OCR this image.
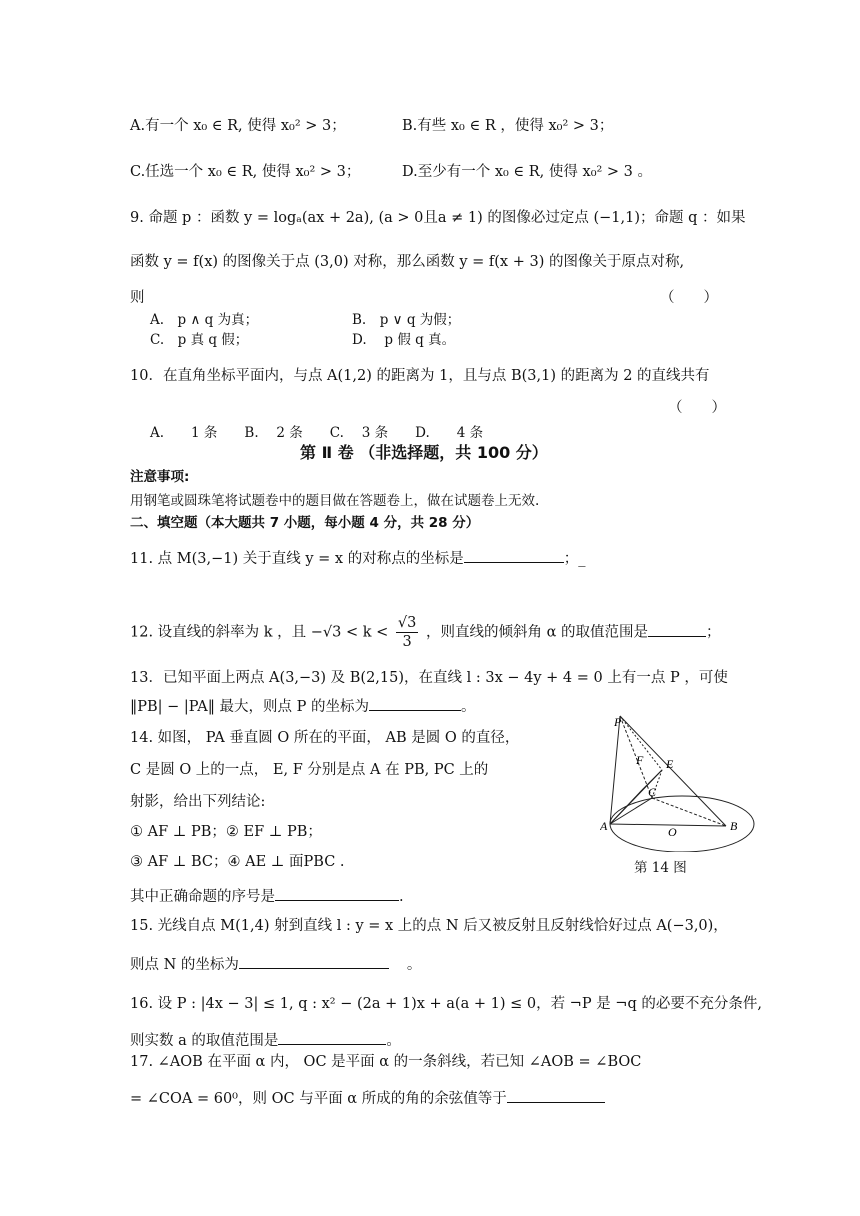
A.有一个 x₀ ∈ R, 使得 x₀² > 3；	B.有些 x₀ ∈ R ，使得 x₀² > 3；
C.任选一个 x₀ ∈ R, 使得 x₀² > 3；	D.至少有一个 x₀ ∈ R, 使得 x₀² > 3 。
9. 命题 p ：函数 y = logₐ(ax + 2a), (a > 0且a ≠ 1) 的图像必过定点 (−1,1)；命题 q ：如果
函数 y = f(x) 的图像关于点 (3,0) 对称，那么函数 y = f(x + 3) 的图像关于原点对称,
则	（　　）
A.　p ∧ q 为真；	B.　p ∨ q 为假；
C.　p 真 q 假；	D.　 p 假 q 真。
10．在直角坐标平面内，与点 A(1,2) 的距离为 1，且与点 B(3,1) 的距离为 2 的直线共有
（　　）
A.　　1 条　　B.　 2 条　　C.　 3 条　　D.　　4 条
第 Ⅱ 卷 （非选择题，共 100 分）
注意事项:
用钢笔或圆珠笔将试题卷中的题目做在答题卷上，做在试题卷上无效.
二、填空题（本大题共 7 小题，每小题 4 分，共 28 分）
11. 点 M(3,−1) 关于直线 y = x 的对称点的坐标是	；_
12. 设直线的斜率为 k ，且 $-√3 < k < \frac{√3}{3}$ ，则直线的倾斜角 α 的取值范围是	；
13．已知平面上两点 A(3,−3) 及 B(2,15)，在直线 l : 3x − 4y + 4 = 0 上有一点 P ，可使
‖PB| − |PA‖ 最大，则点 P 的坐标为	。
14. 如图， PA 垂直圆 O 所在的平面， AB 是圆 O 的直径，
C 是圆 O 上的一点， E, F 分别是点 A 在 PB, PC 上的
射影，给出下列结论:
① AF ⊥ PB；② EF ⊥ PB；
③ AF ⊥ BC；④ AE ⊥ 面PBC .
其中正确命题的序号是	.
P
F E
C
A	O	B
第 14 图
15. 光线自点 M(1,4) 射到直线 l : y = x 上的点 N 后又被反射且反射线恰好过点 A(−3,0)，
则点 N 的坐标为	。
16. 设 P : |4x − 3| ≤ 1, q : x² − (2a + 1)x + a(a + 1) ≤ 0，若 ¬P 是 ¬q 的必要不充分条件,
则实数 a 的取值范围是	。
17. ∠AOB 在平面 α 内， OC 是平面 α 的一条斜线，若已知 ∠AOB = ∠BOC
= ∠COA = 60⁰，则 OC 与平面 α 所成的角的余弦值等于
